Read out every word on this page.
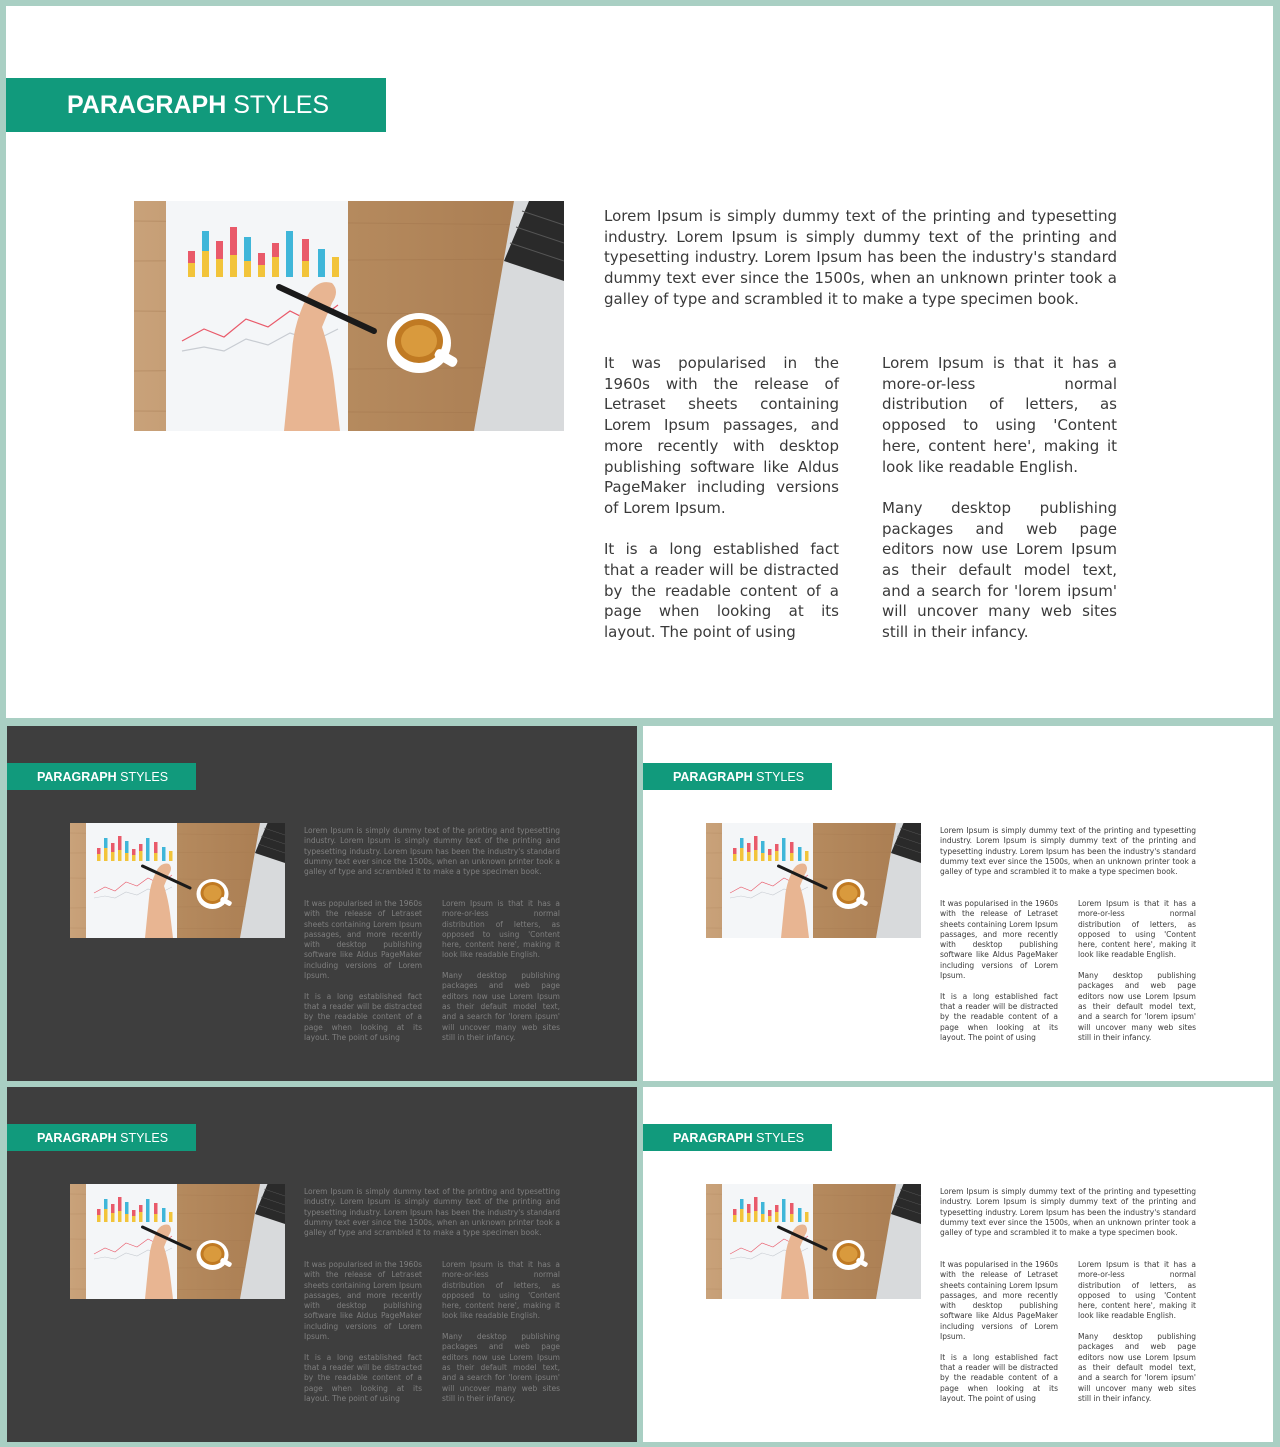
PARAGRAPH
STYLES

Lorem Ipsum is simply dummy text of the printing and typesetting industry. Lorem Ipsum is simply dummy text of the printing and typesetting industry. Lorem Ipsum has been the industry's standard dummy text ever since the 1500s, when an unknown printer took a galley of type and scrambled it to make a type specimen book.

It was popularised in the 1960s with the release of Letraset sheets containing Lorem Ipsum passages, and more recently with desktop publishing software like Aldus PageMaker including versions of Lorem Ipsum.

It is a long established fact that a reader will be distracted by the readable content of a page when looking at its layout. The point of using

Lorem Ipsum is that it has a more-or-less normal distribution of letters, as opposed to using 'Content here, content here', making it look like readable English.

Many desktop publishing packages and web page editors now use Lorem Ipsum as their default model text, and a search for 'lorem ipsum' will uncover many web sites still in their infancy.

PARAGRAPH
STYLES

Lorem Ipsum is simply dummy text of the printing and typesetting industry. Lorem Ipsum is simply dummy text of the printing and typesetting industry. Lorem Ipsum has been the industry's standard dummy text ever since the 1500s, when an unknown printer took a galley of type and scrambled it to make a type specimen book.

It was popularised in the 1960s with the release of Letraset sheets containing Lorem Ipsum passages, and more recently with desktop publishing software like Aldus PageMaker including versions of Lorem Ipsum.

It is a long established fact that a reader will be distracted by the readable content of a page when looking at its layout. The point of using

Lorem Ipsum is that it has a more-or-less normal distribution of letters, as opposed to using 'Content here, content here', making it look like readable English.

Many desktop publishing packages and web page editors now use Lorem Ipsum as their default model text, and a search for 'lorem ipsum' will uncover many web sites still in their infancy.

PARAGRAPH
STYLES

Lorem Ipsum is simply dummy text of the printing and typesetting industry. Lorem Ipsum is simply dummy text of the printing and typesetting industry. Lorem Ipsum has been the industry's standard dummy text ever since the 1500s, when an unknown printer took a galley of type and scrambled it to make a type specimen book.

It was popularised in the 1960s with the release of Letraset sheets containing Lorem Ipsum passages, and more recently with desktop publishing software like Aldus PageMaker including versions of Lorem Ipsum.

It is a long established fact that a reader will be distracted by the readable content of a page when looking at its layout. The point of using

Lorem Ipsum is that it has a more-or-less normal distribution of letters, as opposed to using 'Content here, content here', making it look like readable English.

Many desktop publishing packages and web page editors now use Lorem Ipsum as their default model text, and a search for 'lorem ipsum' will uncover many web sites still in their infancy.

PARAGRAPH
STYLES

Lorem Ipsum is simply dummy text of the printing and typesetting industry. Lorem Ipsum is simply dummy text of the printing and typesetting industry. Lorem Ipsum has been the industry's standard dummy text ever since the 1500s, when an unknown printer took a galley of type and scrambled it to make a type specimen book.

It was popularised in the 1960s with the release of Letraset sheets containing Lorem Ipsum passages, and more recently with desktop publishing software like Aldus PageMaker including versions of Lorem Ipsum.

It is a long established fact that a reader will be distracted by the readable content of a page when looking at its layout. The point of using

Lorem Ipsum is that it has a more-or-less normal distribution of letters, as opposed to using 'Content here, content here', making it look like readable English.

Many desktop publishing packages and web page editors now use Lorem Ipsum as their default model text, and a search for 'lorem ipsum' will uncover many web sites still in their infancy.

PARAGRAPH
STYLES

Lorem Ipsum is simply dummy text of the printing and typesetting industry. Lorem Ipsum is simply dummy text of the printing and typesetting industry. Lorem Ipsum has been the industry's standard dummy text ever since the 1500s, when an unknown printer took a galley of type and scrambled it to make a type specimen book.

It was popularised in the 1960s with the release of Letraset sheets containing Lorem Ipsum passages, and more recently with desktop publishing software like Aldus PageMaker including versions of Lorem Ipsum.

It is a long established fact that a reader will be distracted by the readable content of a page when looking at its layout. The point of using

Lorem Ipsum is that it has a more-or-less normal distribution of letters, as opposed to using 'Content here, content here', making it look like readable English.

Many desktop publishing packages and web page editors now use Lorem Ipsum as their default model text, and a search for 'lorem ipsum' will uncover many web sites still in their infancy.
